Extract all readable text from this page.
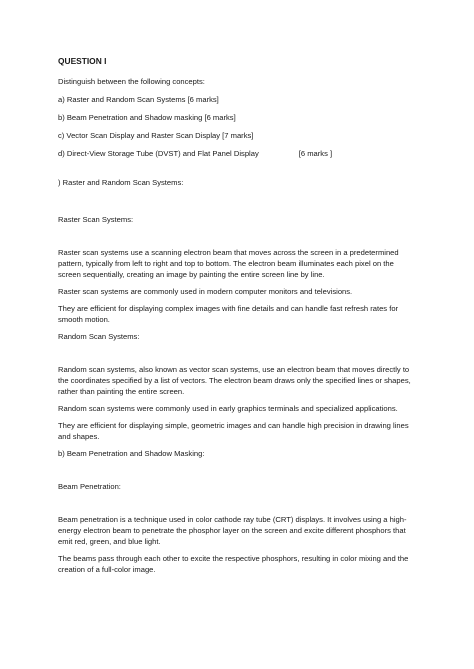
QUESTION I

Distinguish between the following concepts:

a) Raster and Random Scan Systems [6 marks]

b) Beam Penetration and Shadow masking [6 marks]

c) Vector Scan Display and Raster Scan Display [7 marks]

d) Direct-View Storage Tube (DVST) and Flat Panel Display	[6 marks ]

) Raster and Random Scan Systems:

Raster Scan Systems:

Raster scan systems use a scanning electron beam that moves across the screen in a predetermined pattern, typically from left to right and top to bottom. The electron beam illuminates each pixel on the screen sequentially, creating an image by painting the entire screen line by line.

Raster scan systems are commonly used in modern computer monitors and televisions.

They are efficient for displaying complex images with fine details and can handle fast refresh rates for smooth motion.

Random Scan Systems:

Random scan systems, also known as vector scan systems, use an electron beam that moves directly to the coordinates specified by a list of vectors. The electron beam draws only the specified lines or shapes, rather than painting the entire screen.

Random scan systems were commonly used in early graphics terminals and specialized applications.

They are efficient for displaying simple, geometric images and can handle high precision in drawing lines and shapes.

b) Beam Penetration and Shadow Masking:

Beam Penetration:

Beam penetration is a technique used in color cathode ray tube (CRT) displays. It involves using a high-energy electron beam to penetrate the phosphor layer on the screen and excite different phosphors that emit red, green, and blue light.

The beams pass through each other to excite the respective phosphors, resulting in color mixing and the creation of a full-color image.
